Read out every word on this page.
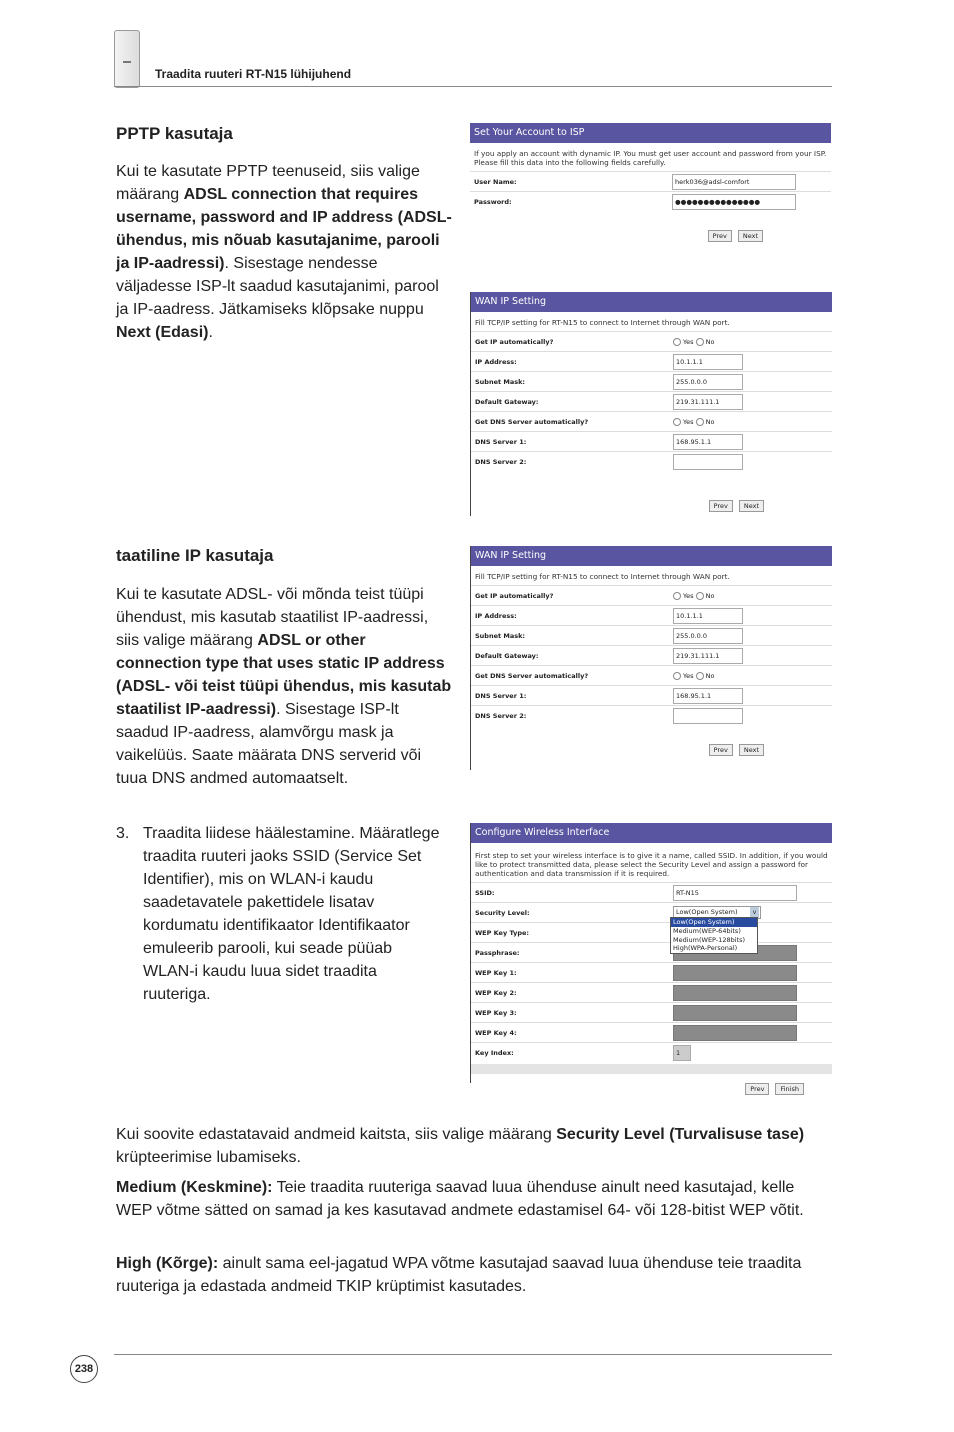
Traadita ruuteri RT-N15 lühijuhend
PPTP kasutaja
Kui te kasutate PPTP teenuseid, siis valige määrang ADSL connection that requires username, password and IP address (ADSL-ühendus, mis nõuab kasutajanime, parooli ja IP-aadressi). Sisestage nendesse väljadesse ISP-lt saadud kasutajanimi, parool ja IP-aadress. Jätkamiseks klõpsake nuppu Next (Edasi).
Set Your Account to ISP
If you apply an account with dynamic IP. You must get user account and password from your ISP. Please fill this data into the following fields carefully.
User Name:	herk036@adsl-comfort
Password:	●●●●●●●●●●●●●●●
Prev Next
WAN IP Setting
Fill TCP/IP setting for RT-N15 to connect to Internet through WAN port.
Get IP automatically?	Yes No
IP Address:	10.1.1.1
Subnet Mask:	255.0.0.0
Default Gateway:	219.31.111.1
Get DNS Server automatically?	Yes No
DNS Server 1:	168.95.1.1
DNS Server 2:	
Prev Next
taatiline IP kasutaja
Kui te kasutate ADSL- või mõnda teist tüüpi ühendust, mis kasutab staatilist IP-aadressi, siis valige määrang ADSL or other connection type that uses static IP address (ADSL- või teist tüüpi ühendus, mis kasutab staatilist IP-aadressi). Sisestage ISP-lt saadud IP-aadress, alamvõrgu mask ja vaikelüüs. Saate määrata DNS serverid või tuua DNS andmed automaatselt.
WAN IP Setting
Fill TCP/IP setting for RT-N15 to connect to Internet through WAN port.
Get IP automatically?	Yes No
IP Address:	10.1.1.1
Subnet Mask:	255.0.0.0
Default Gateway:	219.31.111.1
Get DNS Server automatically?	Yes No
DNS Server 1:	168.95.1.1
DNS Server 2:	
Prev Next
3. Traadita liidese häälestamine. Määratlege traadita ruuteri jaoks SSID (Service Set Identifier), mis on WLAN-i kaudu saadetavatele pakettidele lisatav kordumatu identifikaator Identifikaator emuleerib parooli, kui seade püüab WLAN-i kaudu luua sidet traadita ruuteriga.
Configure Wireless Interface
First step to set your wireless interface is to give it a name, called SSID. In addition, if you would like to protect transmitted data, please select the Security Level and assign a password for authentication and data transmission if it is required.
SSID:	RT-N15
Security Level:	Low(Open System) v
WEP Key Type:	
Passphrase:	
WEP Key 1:	
WEP Key 2:	
WEP Key 3:	
WEP Key 4:	
Key Index:	1
Prev Finish
Low(Open System)
Medium(WEP-64bits)
Medium(WEP-128bits)
High(WPA-Personal)
Kui soovite edastatavaid andmeid kaitsta, siis valige määrang Security Level (Turvalisuse tase) krüpteerimise lubamiseks.
Medium (Keskmine): Teie traadita ruuteriga saavad luua ühenduse ainult need kasutajad, kelle WEP võtme sätted on samad ja kes kasutavad andmete edastamisel 64- või 128-bitist WEP võtit.
High (Kõrge): ainult sama eel-jagatud WPA võtme kasutajad saavad luua ühenduse teie traadita ruuteriga ja edastada andmeid TKIP krüptimist kasutades.
238
